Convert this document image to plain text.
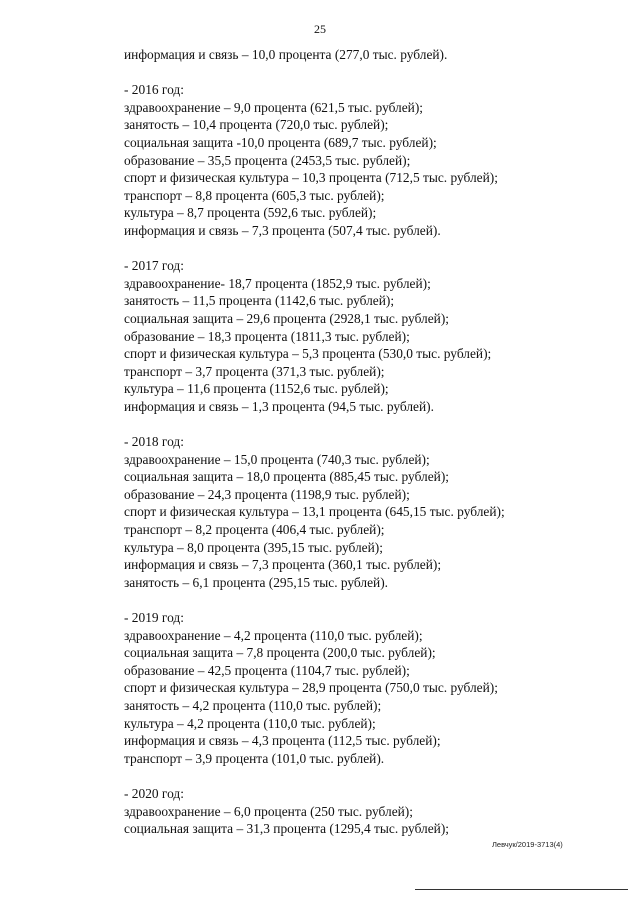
25
информация и связь – 10,0 процента (277,0 тыс. рублей).
- 2016 год:
здравоохранение – 9,0 процента (621,5 тыс. рублей);
занятость – 10,4 процента (720,0 тыс. рублей);
социальная защита -10,0 процента (689,7 тыс. рублей);
образование – 35,5 процента (2453,5 тыс. рублей);
спорт и физическая культура – 10,3 процента (712,5 тыс. рублей);
транспорт – 8,8 процента (605,3 тыс. рублей);
культура – 8,7 процента (592,6 тыс. рублей);
информация и связь – 7,3 процента (507,4 тыс. рублей).
- 2017 год:
здравоохранение- 18,7 процента (1852,9 тыс. рублей);
занятость – 11,5 процента (1142,6 тыс. рублей);
социальная защита – 29,6 процента (2928,1 тыс. рублей);
образование – 18,3 процента (1811,3 тыс. рублей);
спорт и физическая культура – 5,3 процента (530,0 тыс. рублей);
транспорт – 3,7 процента (371,3 тыс. рублей);
культура – 11,6 процента (1152,6 тыс. рублей);
информация и связь – 1,3 процента (94,5 тыс. рублей).
- 2018 год:
здравоохранение – 15,0 процента (740,3 тыс. рублей);
социальная защита – 18,0 процента (885,45 тыс. рублей);
образование – 24,3 процента (1198,9 тыс. рублей);
спорт и физическая культура – 13,1 процента (645,15 тыс. рублей);
транспорт – 8,2 процента (406,4 тыс. рублей);
культура – 8,0 процента (395,15 тыс. рублей);
информация и связь – 7,3 процента (360,1 тыс. рублей);
занятость – 6,1 процента (295,15 тыс. рублей).
- 2019 год:
здравоохранение – 4,2 процента (110,0 тыс. рублей);
социальная защита – 7,8 процента (200,0 тыс. рублей);
образование – 42,5 процента (1104,7 тыс. рублей);
спорт и физическая культура – 28,9 процента (750,0 тыс. рублей);
занятость – 4,2 процента (110,0 тыс. рублей);
культура – 4,2 процента (110,0 тыс. рублей);
информация и связь – 4,3 процента (112,5 тыс. рублей);
транспорт – 3,9 процента (101,0 тыс. рублей).
- 2020 год:
здравоохранение – 6,0 процента (250 тыс. рублей);
социальная защита – 31,3 процента (1295,4 тыс. рублей);
Левчук/2019-3713(4)
